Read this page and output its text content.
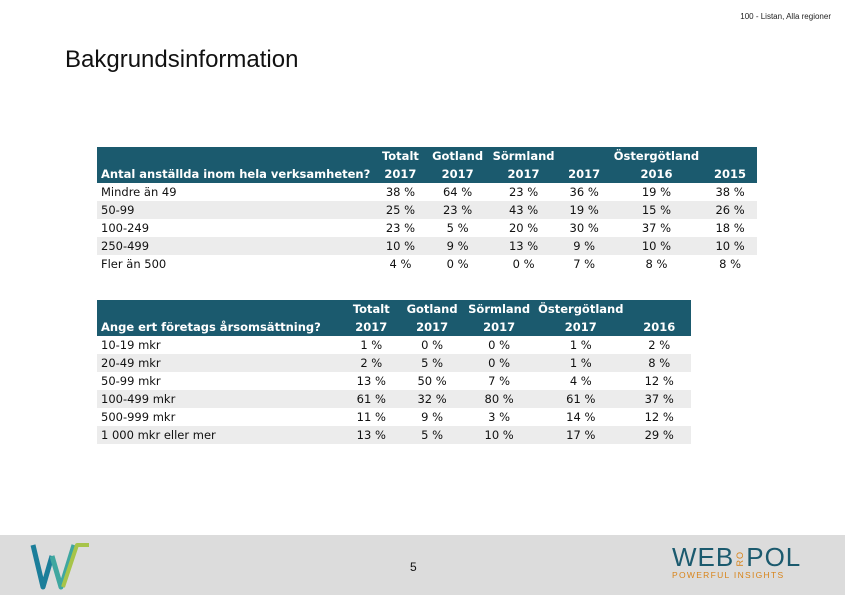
100 - Listan, Alla regioner
Bakgrundsinformation
	Totalt	Gotland	Sörmland		Östergötland	
Antal anställda inom hela verksamheten?	2017	2017	2017	2017	2016	2015
Mindre än 49	38 %	64 %	23 %	36 %	19 %	38 %
50-99	25 %	23 %	43 %	19 %	15 %	26 %
100-249	23 %	5 %	20 %	30 %	37 %	18 %
250-499	10 %	9 %	13 %	9 %	10 %	10 %
Fler än 500	4 %	0 %	0 %	7 %	8 %	8 %
	Totalt	Gotland	Sörmland	Östergötland	
Ange ert företags årsomsättning?	2017	2017	2017	2017	2016
10-19 mkr	1 %	0 %	0 %	1 %	2 %
20-49 mkr	2 %	5 %	0 %	1 %	8 %
50-99 mkr	13 %	50 %	7 %	4 %	12 %
100-499 mkr	61 %	32 %	80 %	61 %	37 %
500-999 mkr	11 %	9 %	3 %	14 %	12 %
1 000 mkr eller mer	13 %	5 %	10 %	17 %	29 %
5	WEBROPOL
POWERFUL INSIGHTS
